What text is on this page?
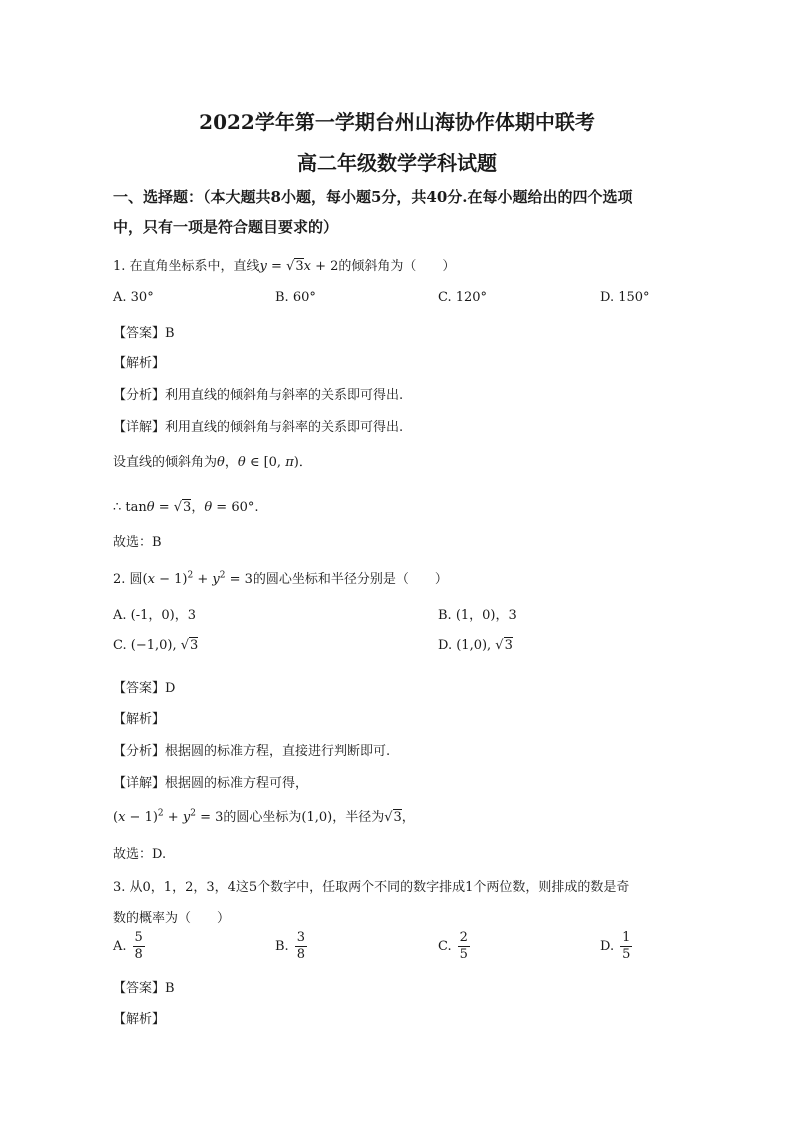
2022学年第一学期台州山海协作体期中联考
高二年级数学学科试题
一、选择题：（本大题共8小题，每小题5分，共40分.在每小题给出的四个选项
中，只有一项是符合题目要求的）
1. 在直角坐标系中，直线y = √3x + 2的倾斜角为（　　）
A. 30°	B. 60°	C. 120°	D. 150°
【答案】B
【解析】
【分析】利用直线的倾斜角与斜率的关系即可得出.
【详解】利用直线的倾斜角与斜率的关系即可得出.
设直线的倾斜角为θ，θ ∈ [0, π)．
∴ tanθ = √3，θ = 60°.
故选：B
2. 圆$(x - 1)^2 + y^2 = 3$的圆心坐标和半径分别是（　　）
A. (-1，0)，3	B. (1，0)，3
C. (−1,0), √3	D. (1,0), √3
【答案】D
【解析】
【分析】根据圆的标准方程，直接进行判断即可.
【详解】根据圆的标准方程可得，
$(x - 1)^2 + y^2 = 3$的圆心坐标为(1,0)，半径为√3，
故选：D.
3. 从0，1，2，3，4这5个数字中，任取两个不同的数字排成1个两位数，则排成的数是奇
数的概率为（　　）
A. $\frac{5}{8}$	B. $\frac{3}{8}$	C. $\frac{2}{5}$	D. $\frac{1}{5}$
【答案】B
【解析】
